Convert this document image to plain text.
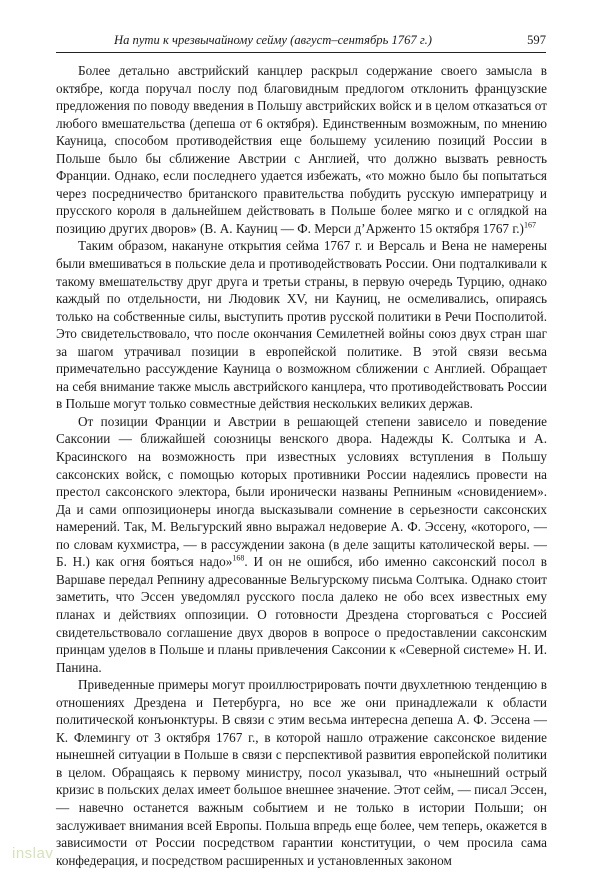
На пути к чрезвычайному сейму (август–сентябрь 1767 г.)	597

Более детально австрийский канцлер раскрыл содержание своего замысла в октябре, когда поручал послу под благовидным предлогом отклонить французские предложения по поводу введения в Польшу австрийских войск и в целом отказаться от любого вмешательства (депеша от 6 октября). Единственным возможным, по мнению Кауница, способом противодействия еще большему усилению позиций России в Польше было бы сближение Австрии с Англией, что должно вызвать ревность Франции. Однако, если последнего удается избежать, «то можно было бы попытаться через посредничество британского правительства побудить русскую императрицу и прусского короля в дальнейшем действовать в Польше более мягко и с оглядкой на позицию других дворов» (В. А. Кауниц — Ф. Мерси д’Aрженто 15 октября 1767 г.)$^{167}$

Таким образом, накануне открытия сейма 1767 г. и Версаль и Вена не намерены были вмешиваться в польские дела и противодействовать России. Они подталкивали к такому вмешательству друг друга и третьи страны, в первую очередь Турцию, однако каждый по отдельности, ни Людовик XV, ни Кауниц, не осмеливались, опираясь только на собственные силы, выступить против русской политики в Речи Посполитой. Это свидетельствовало, что после окончания Семилетней войны союз двух стран шаг за шагом утрачивал позиции в европейской политике. В этой связи весьма примечательно рассуждение Кауница о возможном сближении с Англией. Обращает на себя внимание также мысль австрийского канцлера, что противодействовать России в Польше могут только совместные действия нескольких великих держав.

От позиции Франции и Австрии в решающей степени зависело и поведение Саксонии — ближайшей союзницы венского двора. Надежды К. Солтыка и А. Красинского на возможность при известных условиях вступления в Польшу саксонских войск, с помощью которых противники России надеялись провести на престол саксонского электора, были иронически названы Репниным «сновидением». Да и сами оппозиционеры иногда высказывали сомнение в серьезности саксонских намерений. Так, М. Вельгурский явно выражал недоверие А. Ф. Эссену, «которого, — по словам кухмистра, — в рассуждении закона (в деле защиты католической веры. — Б. Н.) как огня бояться надо»$^{168}$. И он не ошибся, ибо именно саксонский посол в Варшаве передал Репнину адресованные Вельгурскому письма Солтыка. Однако стоит заметить, что Эссен уведомлял русского посла далеко не обо всех известных ему планах и действиях оппозиции. О готовности Дрездена сторговаться с Россией свидетельствовало соглашение двух дворов в вопросе о предоставлении саксонским принцам уделов в Польше и планы привлечения Саксонии к «Северной системе» Н. И. Панина.

Приведенные примеры могут проиллюстрировать почти двухлетнюю тенденцию в отношениях Дрездена и Петербурга, но все же они принадлежали к области политической конъюнктуры. В связи с этим весьма интересна депеша А. Ф. Эссена — К. Флемингу от 3 октября 1767 г., в которой нашло отражение саксонское видение нынешней ситуации в Польше в связи с перспективой развития европейской политики в целом. Обращаясь к первому министру, посол указывал, что «нынешний острый кризис в польских делах имеет большое внешнее значение. Этот сейм, — писал Эссен, — навечно останется важным событием и не только в истории Польши; он заслуживает внимания всей Европы. Польша впредь еще более, чем теперь, окажется в зависимости от России посредством гарантии конституции, о чем просила сама конфедерация, и посредством расширенных и установленных законом

inslav
